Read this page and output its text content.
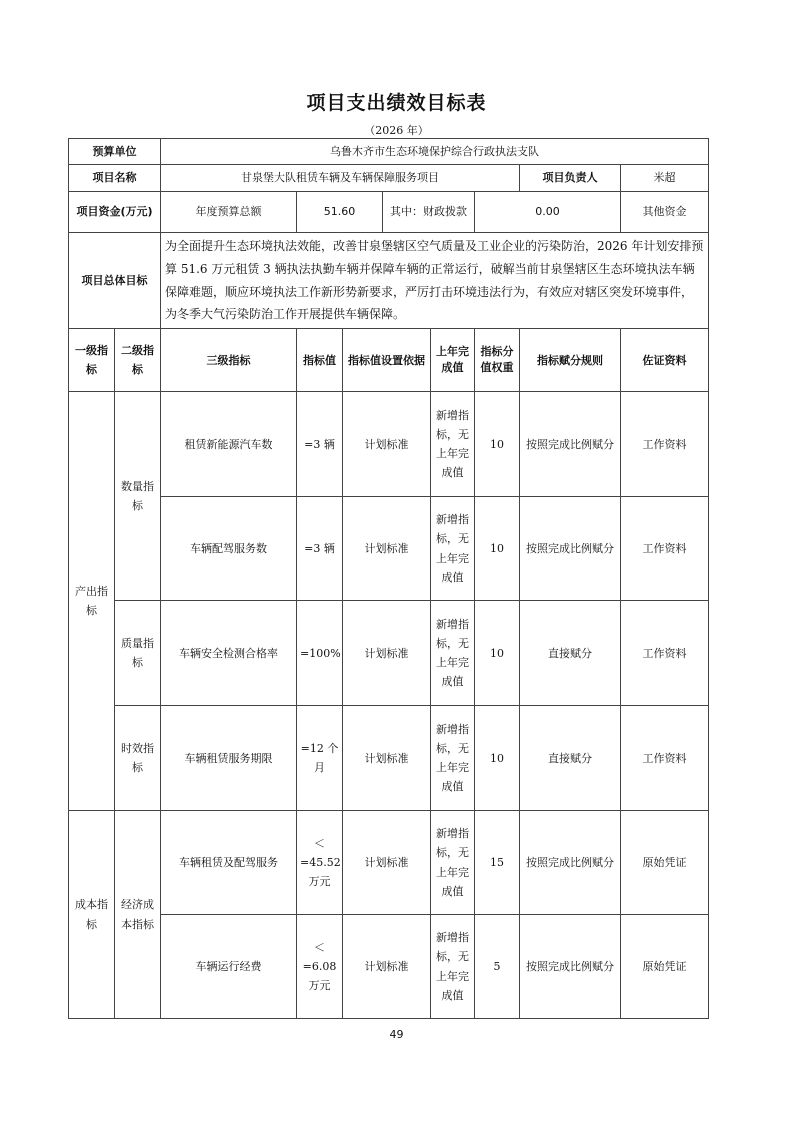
项目支出绩效目标表
（2026 年）
预算单位		乌鲁木齐市生态环境保护综合行政执法支队								
项目名称		甘泉堡大队租赁车辆及车辆保障服务项目						项目负责人	米超	
项目资金(万元)		年度预算总额	51.60		其中：财政拨款		0.00		其他资金	
项目总体目标		为全面提升生态环境执法效能，改善甘泉堡辖区空气质量及工业企业的污染防治，2026 年计划安排预算 51.6 万元租赁 3 辆执法执勤车辆并保障车辆的正常运行，破解当前甘泉堡辖区生态环境执法车辆保障难题，顺应环境执法工作新形势新要求，严厉打击环境违法行为，有效应对辖区突发环境事件，为冬季大气污染防治工作开展提供车辆保障。								
一级指标	二级指标	三级指标	指标值	指标值设置依据		上年完成值	指标分值权重	指标赋分规则	佐证资料	
产出指标	数量指标	租赁新能源汽车数	=3 辆	计划标准		新增指标，无上年完成值	10	按照完成比例赋分	工作资料	
		车辆配驾服务数	=3 辆	计划标准		新增指标，无上年完成值	10	按照完成比例赋分	工作资料	
	质量指标	车辆安全检测合格率	=100%	计划标准		新增指标，无上年完成值	10	直接赋分	工作资料	
	时效指标	车辆租赁服务期限	=12 个月	计划标准		新增指标，无上年完成值	10	直接赋分	工作资料	
成本指标	经济成本指标	车辆租赁及配驾服务	＜=45.52 万元	计划标准		新增指标，无上年完成值	15	按照完成比例赋分	原始凭证	
		车辆运行经费	＜=6.08 万元	计划标准		新增指标，无上年完成值	5	按照完成比例赋分	原始凭证	
49
